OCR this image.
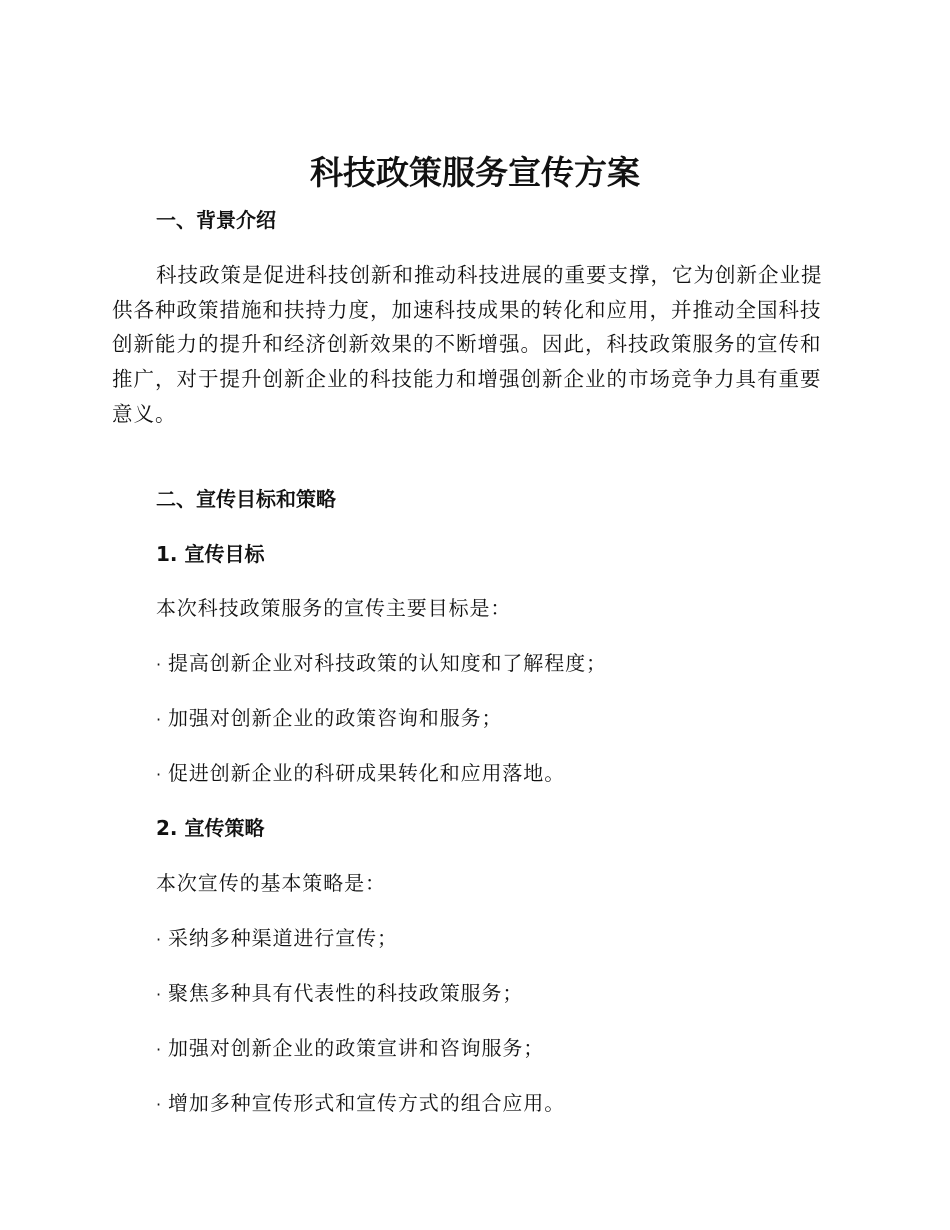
科技政策服务宣传方案
一、背景介绍

科技政策是促进科技创新和推动科技进展的重要支撑，它为创新企业提供各种政策措施和扶持力度，加速科技成果的转化和应用，并推动全国科技创新能力的提升和经济创新效果的不断增强。因此，科技政策服务的宣传和推广，对于提升创新企业的科技能力和增强创新企业的市场竞争力具有重要意义。

二、宣传目标和策略
1. 宣传目标
本次科技政策服务的宣传主要目标是：
· 提高创新企业对科技政策的认知度和了解程度；
· 加强对创新企业的政策咨询和服务；
· 促进创新企业的科研成果转化和应用落地。
2. 宣传策略
本次宣传的基本策略是：
· 采纳多种渠道进行宣传；
· 聚焦多种具有代表性的科技政策服务；
· 加强对创新企业的政策宣讲和咨询服务；
· 增加多种宣传形式和宣传方式的组合应用。
